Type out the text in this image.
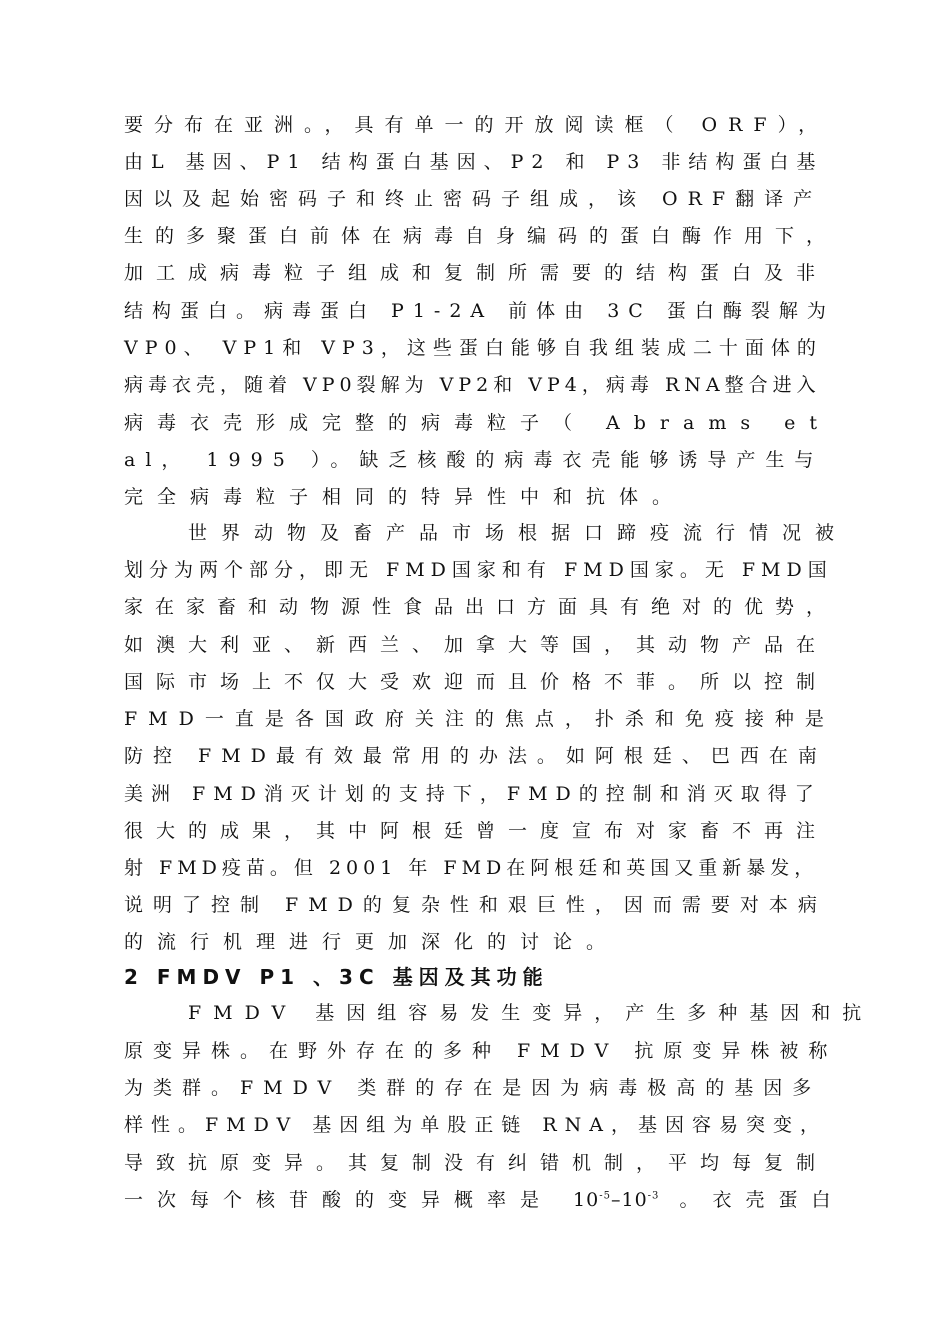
要分布在亚洲。，具有单一的开放阅读框（ ORF），
由L 基因、P1 结构蛋白基因、P2 和 P3 非结构蛋白基
因以及起始密码子和终止密码子组成，该 ORF翻译产
生的多聚蛋白前体在病毒自身编码的蛋白酶作用下，
加工成病毒粒子组成和复制所需要的结构蛋白及非
结构蛋白。病毒蛋白 P1-2A 前体由 3C 蛋白酶裂解为
VP0、 VP1和 VP3，这些蛋白能够自我组装成二十面体的
病毒衣壳，随着 VP0裂解为 VP2和 VP4，病毒 RNA整合进入
病毒衣壳形成完整的病毒粒子（ Abrams et
al， 1995 ）。缺乏核酸的病毒衣壳能够诱导产生与
完全病毒粒子相同的特异性中和抗体。
世界动物及畜产品市场根据口蹄疫流行情况被
划分为两个部分，即无 FMD国家和有 FMD国家。无 FMD国
家在家畜和动物源性食品出口方面具有绝对的优势，
如澳大利亚、新西兰、加拿大等国，其动物产品在
国际市场上不仅大受欢迎而且价格不菲。所以控制
FMD一直是各国政府关注的焦点，扑杀和免疫接种是
防控 FMD最有效最常用的办法。如阿根廷、巴西在南
美洲 FMD消灭计划的支持下，FMD的控制和消灭取得了
很大的成果，其中阿根廷曾一度宣布对家畜不再注
射 FMD疫苗。但 2001 年 FMD在阿根廷和英国又重新暴发，
说明了控制 FMD的复杂性和艰巨性，因而需要对本病
的流行机理进行更加深化的讨论。
2 FMDV P1 、3C 基因及其功能
FMDV 基因组容易发生变异，产生多种基因和抗
原变异株。在野外存在的多种 FMDV 抗原变异株被称
为类群。FMDV 类群的存在是因为病毒极高的基因多
样性。FMDV 基因组为单股正链 RNA，基因容易突变，
导致抗原变异。其复制没有纠错机制，平均每复制
一次每个核苷酸的变异概率是 $10^{-5}-10^{-3}$ 。衣壳蛋白
